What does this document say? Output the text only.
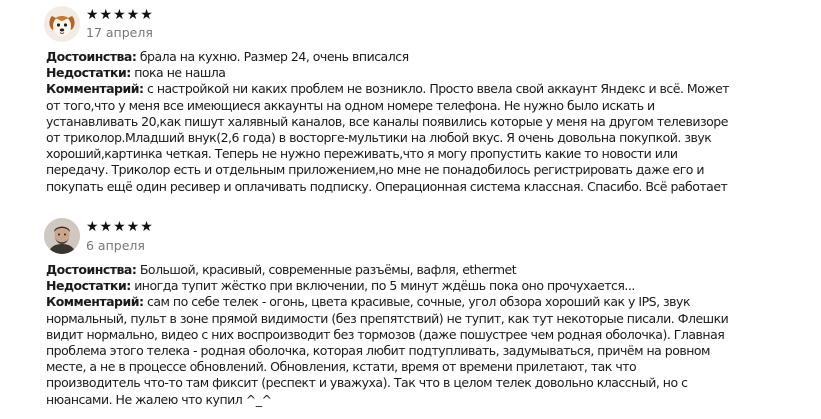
★★★★★
17 апреля
Достоинства: брала на кухню. Размер 24, очень вписался
Недостатки: пока не нашла
Комментарий: с настройкой ни каких проблем не возникло. Просто ввела свой аккаунт Яндекс и всё. Может
от того,что у меня все имеющиеся аккаунты на одном номере телефона. Не нужно было искать и
устанавливать 20,как пишут халявный каналов, все каналы появились которые у меня на другом телевизоре
от триколор.Младший внук(2,6 года) в восторге-мультики на любой вкус. Я очень довольна покупкой. звук
хороший,картинка четкая. Теперь не нужно переживать,что я могу пропустить какие то новости или
передачу. Триколор есть и отдельным приложением,но мне не понадобилось регистрировать даже его и
покупать ещё один ресивер и оплачивать подписку. Операционная система классная. Спасибо. Всё работает
★★★★★
6 апреля
Достоинства: Большой, красивый, современные разъёмы, вафля, ethermet
Недостатки: иногда тупит жёстко при включении, по 5 минут ждёшь пока оно прочухается...
Комментарий: сам по себе телек - огонь, цвета красивые, сочные, угол обзора хороший как у IPS, звук
нормальный, пульт в зоне прямой видимости (без препятствий) не тупит, как тут некоторые писали. Флешки
видит нормально, видео с них воспроизводит без тормозов (даже пошустрее чем родная оболочка). Главная
проблема этого телека - родная оболочка, которая любит подтупливать, задумываться, причём на ровном
месте, а не в процессе обновлений. Обновления, кстати, время от времени прилетают, так что
производитель что-то там фиксит (респект и уважуха). Так что в целом телек довольно классный, но с
нюансами. Не жалею что купил ^_^
